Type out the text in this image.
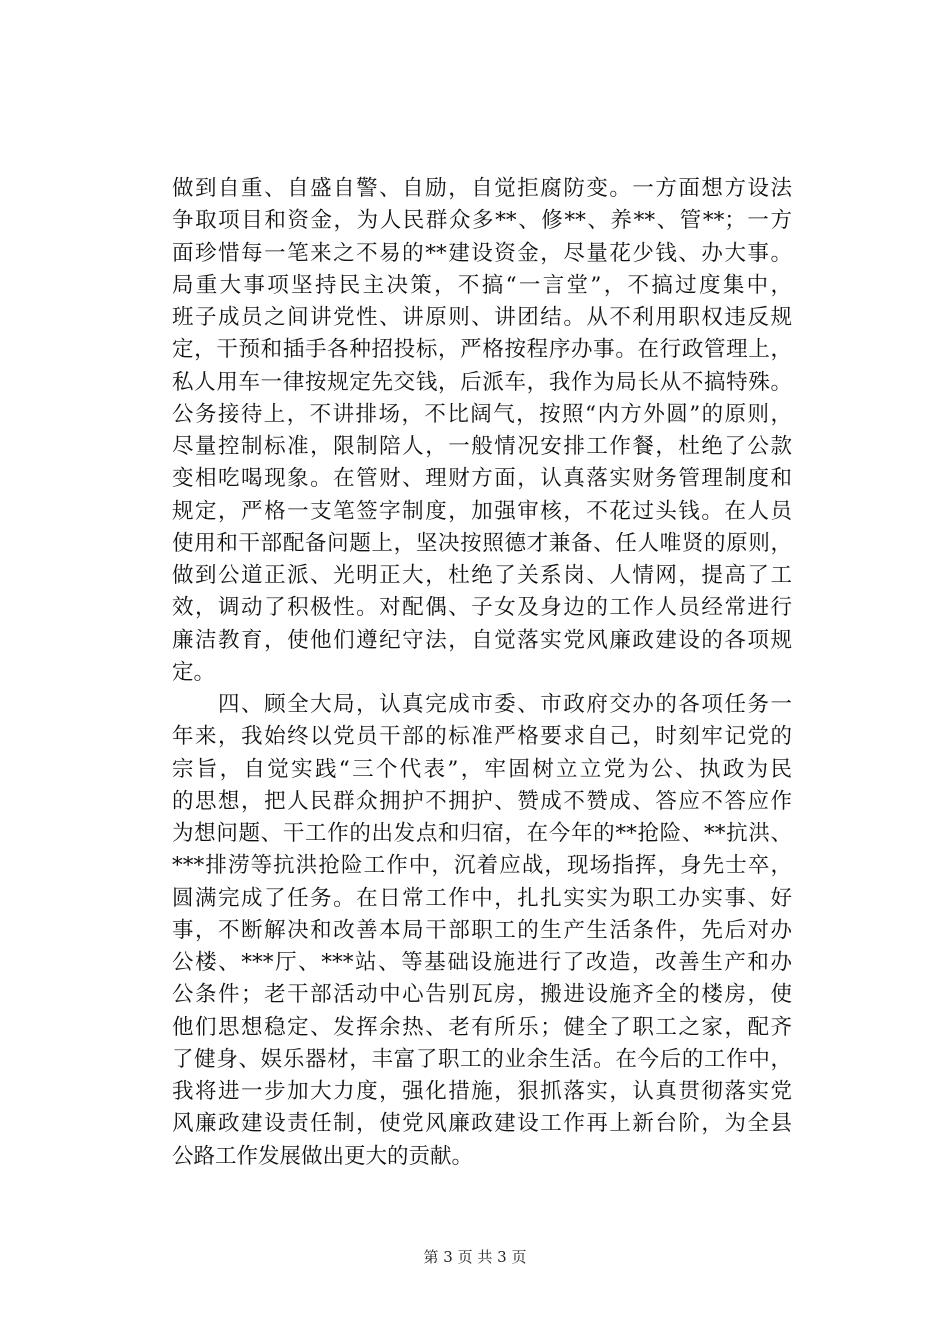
做到自重、自盛自警、自励，自觉拒腐防变。一方面想方设法
争取项目和资金，为人民群众多**、修**、养**、管**；一方
面珍惜每一笔来之不易的**建设资金，尽量花少钱、办大事。
局重大事项坚持民主决策，不搞“一言堂”，不搞过度集中，
班子成员之间讲党性、讲原则、讲团结。从不利用职权违反规
定，干预和插手各种招投标，严格按程序办事。在行政管理上，
私人用车一律按规定先交钱，后派车，我作为局长从不搞特殊。
公务接待上，不讲排场，不比阔气，按照“内方外圆”的原则，
尽量控制标准，限制陪人，一般情况安排工作餐，杜绝了公款
变相吃喝现象。在管财、理财方面，认真落实财务管理制度和
规定，严格一支笔签字制度，加强审核，不花过头钱。在人员
使用和干部配备问题上，坚决按照德才兼备、任人唯贤的原则，
做到公道正派、光明正大，杜绝了关系岗、人情网，提高了工
效，调动了积极性。对配偶、子女及身边的工作人员经常进行
廉洁教育，使他们遵纪守法，自觉落实党风廉政建设的各项规
定。
　　四、顾全大局，认真完成市委、市政府交办的各项任务一
年来，我始终以党员干部的标准严格要求自己，时刻牢记党的
宗旨，自觉实践“三个代表”，牢固树立立党为公、执政为民
的思想，把人民群众拥护不拥护、赞成不赞成、答应不答应作
为想问题、干工作的出发点和归宿，在今年的**抢险、**抗洪、
***排涝等抗洪抢险工作中，沉着应战，现场指挥，身先士卒，
圆满完成了任务。在日常工作中，扎扎实实为职工办实事、好
事，不断解决和改善本局干部职工的生产生活条件，先后对办
公楼、***厅、***站、等基础设施进行了改造，改善生产和办
公条件；老干部活动中心告别瓦房，搬进设施齐全的楼房，使
他们思想稳定、发挥余热、老有所乐；健全了职工之家，配齐
了健身、娱乐器材，丰富了职工的业余生活。在今后的工作中，
我将进一步加大力度，强化措施，狠抓落实，认真贯彻落实党
风廉政建设责任制，使党风廉政建设工作再上新台阶，为全县
公路工作发展做出更大的贡献。
第 3 页 共 3 页
